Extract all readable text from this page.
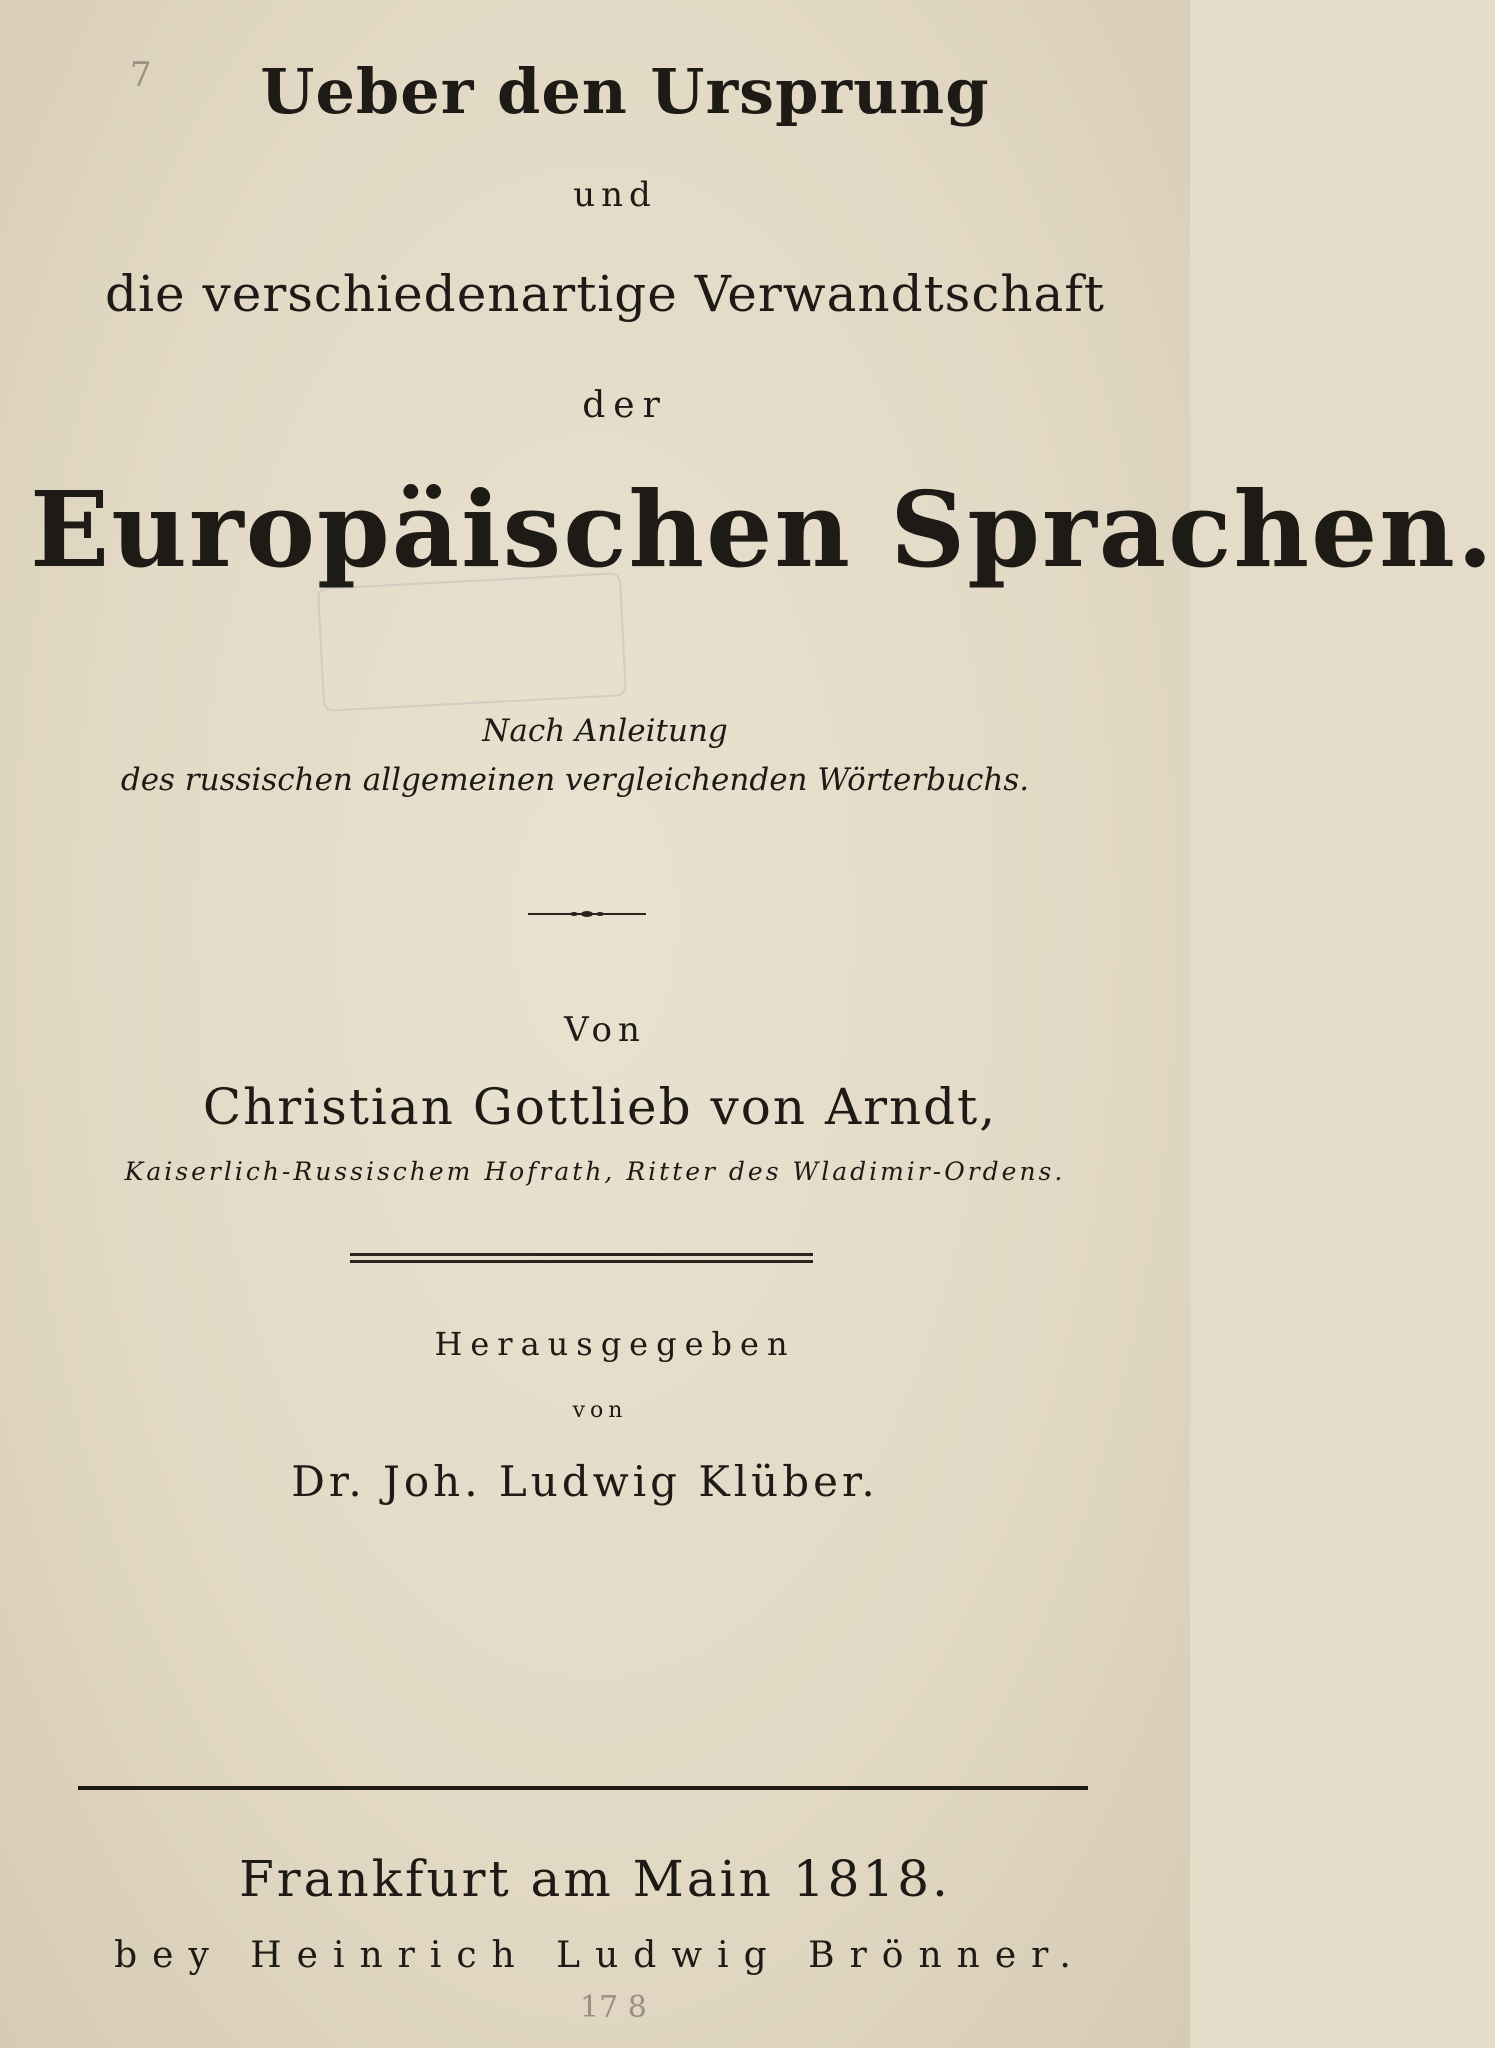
7	Ueber den Ursprung
und
die verschiedenartige Verwandtschaft
der
Europäischen Sprachen.
Nach Anleitung
des russischen allgemeinen vergleichenden Wörterbuchs.
Von
Christian Gottlieb von Arndt,
Kaiserlich-Russischem Hofrath, Ritter des Wladimir-Ordens.
Herausgegeben
von
Dr. Joh. Ludwig Klüber.
Frankfurt am Main 1818.
bey Heinrich Ludwig Brönner.
17 8
